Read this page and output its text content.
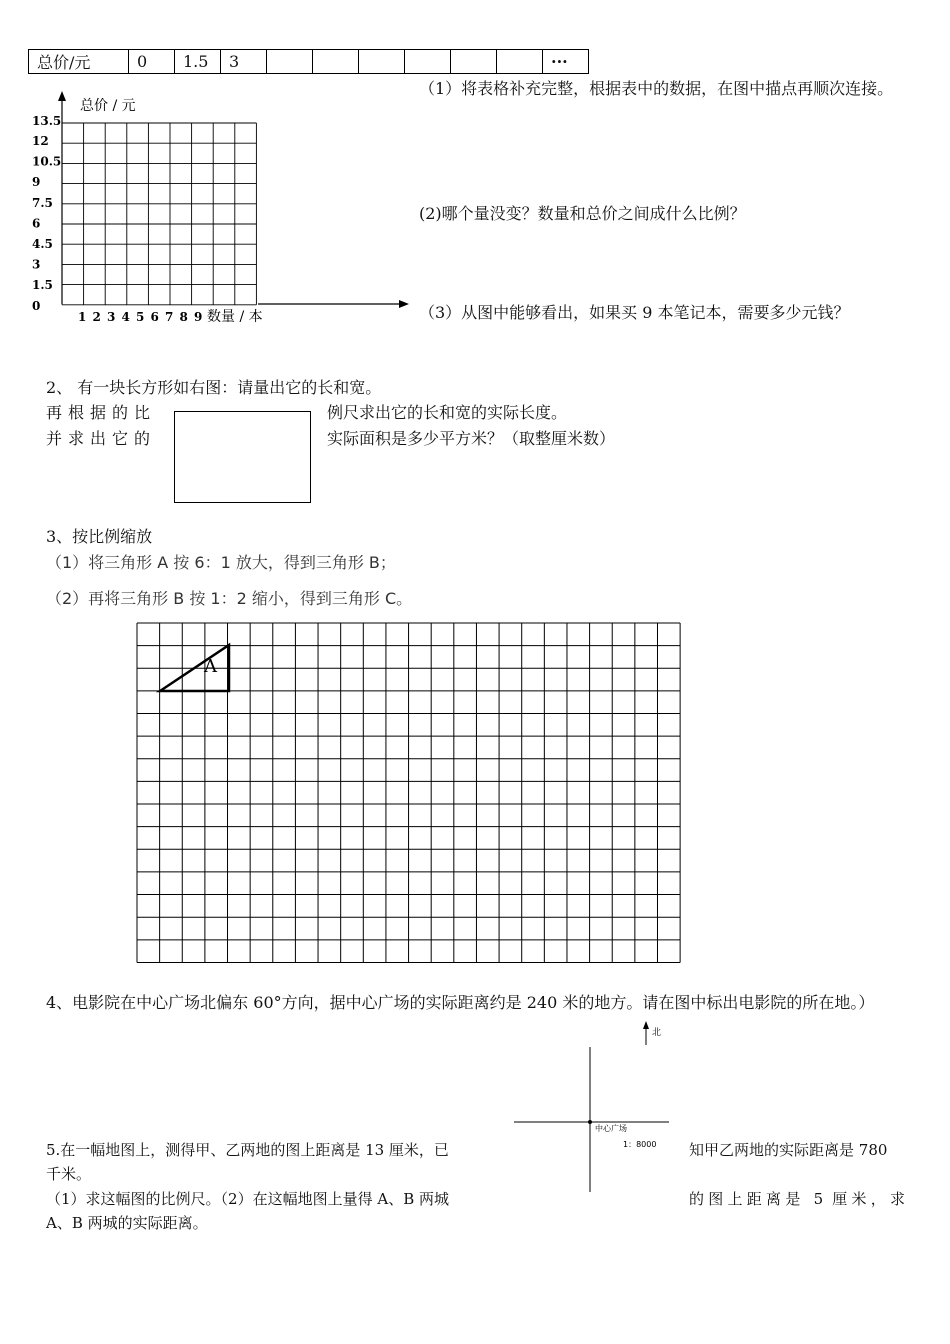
总价/元	0	1.5	3							···
总价 / 元
数量 / 本
13.5
12
10.5
9
7.5
6
4.5
3
1.5
0
1 2 3 4 5 6 7 8 9
（1）将表格补充完整，根据表中的数据，在图中描点再顺次连接。
(2)哪个量没变？数量和总价之间成什么比例？
（3）从图中能够看出，如果买 9 本笔记本，需要多少元钱？
2、 有一块长方形如右图：请量出它的长和宽。
再根据的比
并求出它的
例尺求出它的长和宽的实际长度。
实际面积是多少平方米？（取整厘米数）
3、按比例缩放
（1）将三角形 A 按 6：1 放大，得到三角形 B；
（2）再将三角形 B 按 1：2 缩小，得到三角形 C。
A
4、电影院在中心广场北偏东 60°方向，据中心广场的实际距离约是 240 米的地方。请在图中标出电影院的所在地。）
北
中心广场
1：8000
5.在一幅地图上，测得甲、乙两地的图上距离是 13 厘米，已	知甲乙两地的实际距离是 780
千米。
（1）求这幅图的比例尺。（2）在这幅地图上量得 A、B 两城	的图上距离是 5 厘米，求
A、B 两城的实际距离。
